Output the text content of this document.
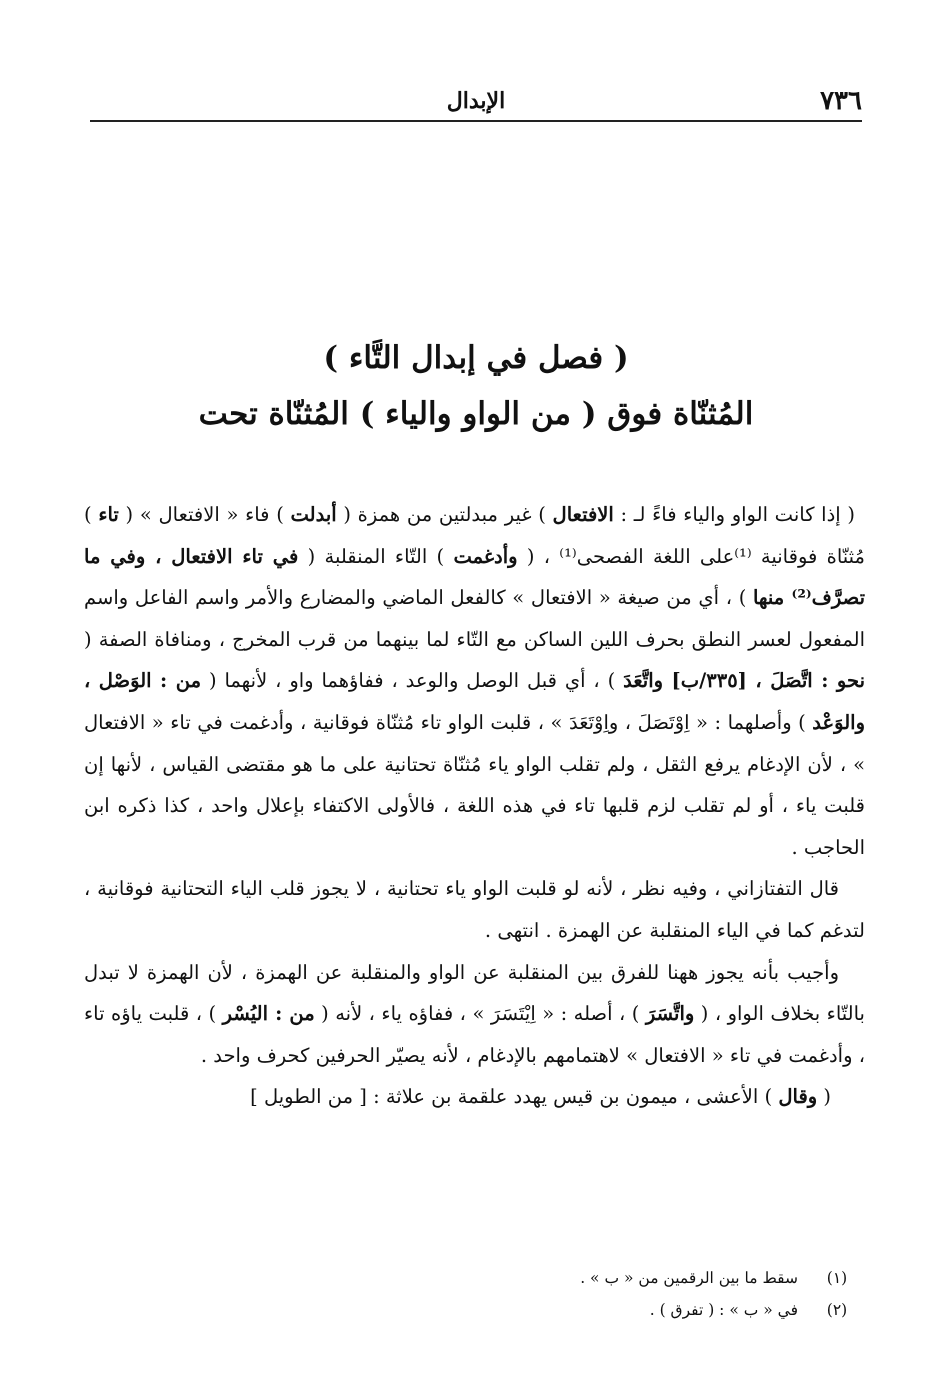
٧٣٦
الإبدال
( فصل في إبدال التَّاء )
المُثنّاة فوق ( من الواو والياء ) المُثنّاة تحت

( إذا كانت الواو والياء فاءً لـ : الافتعال ) غير مبدلتين من همزة ( أبدلت ) فاء « الافتعال » ( تاء ) مُثنّاة فوقانية ⁽¹⁾على اللغة الفصحى⁽¹⁾ ، ( وأدغمت ) التّاء المنقلبة ( في تاء الافتعال ، وفي ما تصرَّف⁽²⁾ منها ) ، أي من صيغة « الافتعال » كالفعل الماضي والمضارع والأمر واسم الفاعل واسم المفعول لعسر النطق بحرف اللين الساكن مع التّاء لما بينهما من قرب المخرج ، ومنافاة الصفة ( نحو : اتَّصَلَ ، [٣٣٥/ب] واتَّعَدَ ) ، أي قبل الوصل والوعد ، ففاؤهما واو ، لأنهما ( من : الوَصْل ، والوَعْد ) وأصلهما : « اِوْتَصَلَ ، واِوْتَعَدَ » ، قلبت الواو تاء مُثنّاة فوقانية ، وأدغمت في تاء « الافتعال » ، لأن الإدغام يرفع الثقل ، ولم تقلب الواو ياء مُثنّاة تحتانية على ما هو مقتضى القياس ، لأنها إن قلبت ياء ، أو لم تقلب لزم قلبها تاء في هذه اللغة ، فالأولى الاكتفاء بإعلال واحد ، كذا ذكره ابن الحاجب .

قال التفتازاني ، وفيه نظر ، لأنه لو قلبت الواو ياء تحتانية ، لا يجوز قلب الياء التحتانية فوقانية ، لتدغم كما في الياء المنقلبة عن الهمزة . انتهى .

وأجيب بأنه يجوز ههنا للفرق بين المنقلبة عن الواو والمنقلبة عن الهمزة ، لأن الهمزة لا تبدل بالتّاء بخلاف الواو ، ( واتَّسَرَ ) ، أصله : « اِيْتَسَرَ » ، ففاؤه ياء ، لأنه ( من : اليُسْر ) ، قلبت ياؤه تاء ، وأدغمت في تاء « الافتعال » لاهتمامهم بالإدغام ، لأنه يصيّر الحرفين كحرف واحد .

( وقال ) الأعشى ، ميمون بن قيس يهدد علقمة بن علاثة : [ من الطويل ]

(١)
سقط ما بين الرقمين من « ب » .
(٢)
في « ب » : ( تفرق ) .
